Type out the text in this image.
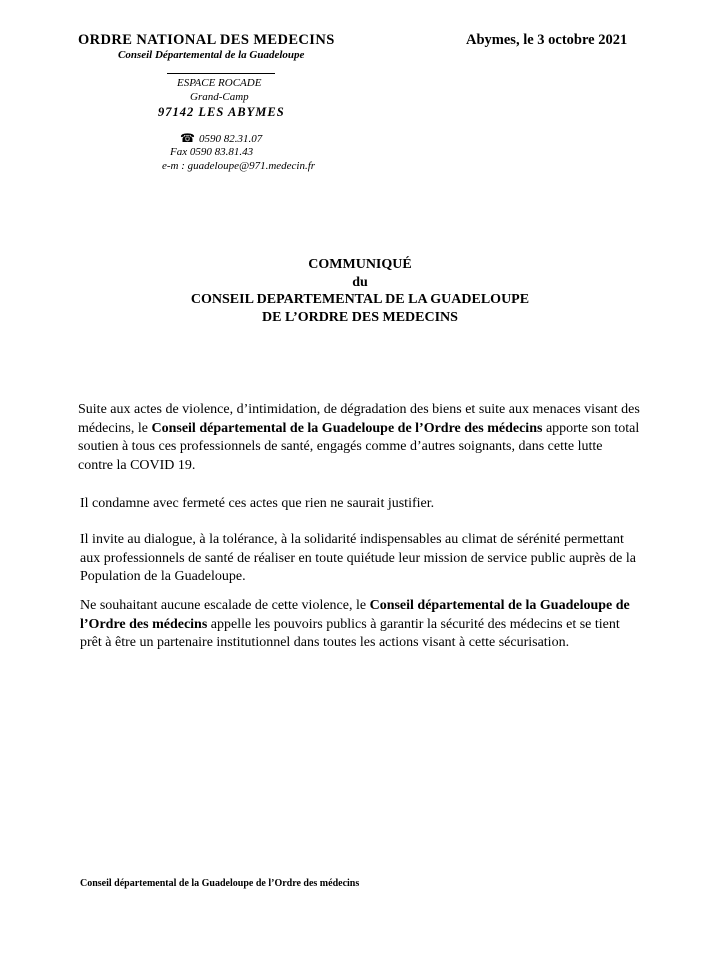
ORDRE NATIONAL DES MEDECINS
Conseil Départemental de la Guadeloupe
ESPACE ROCADE
Grand-Camp
97142 LES ABYMES
☎ 0590 82.31.07
Fax 0590 83.81.43
e-m : guadeloupe@971.medecin.fr
Abymes, le 3 octobre 2021
COMMUNIQUÉ
du
CONSEIL DEPARTEMENTAL DE LA GUADELOUPE
DE L’ORDRE DES MEDECINS
Suite aux actes de violence, d’intimidation, de dégradation des biens et suite aux menaces visant des
médecins, le Conseil départemental de la Guadeloupe de l’Ordre des médecins apporte son total
soutien à tous ces professionnels de santé, engagés comme d’autres soignants, dans cette lutte
contre la COVID 19.
Il condamne avec fermeté ces actes que rien ne saurait justifier.
Il invite au dialogue, à la tolérance, à la solidarité indispensables au climat de sérénité permettant
aux professionnels de santé de réaliser en toute quiétude leur mission de service public auprès de la
Population de la Guadeloupe.
Ne souhaitant aucune escalade de cette violence, le Conseil départemental de la Guadeloupe de
l’Ordre des médecins appelle les pouvoirs publics à garantir la sécurité des médecins et se tient
prêt à être un partenaire institutionnel dans toutes les actions visant à cette sécurisation.
Conseil départemental de la Guadeloupe de l’Ordre des médecins
